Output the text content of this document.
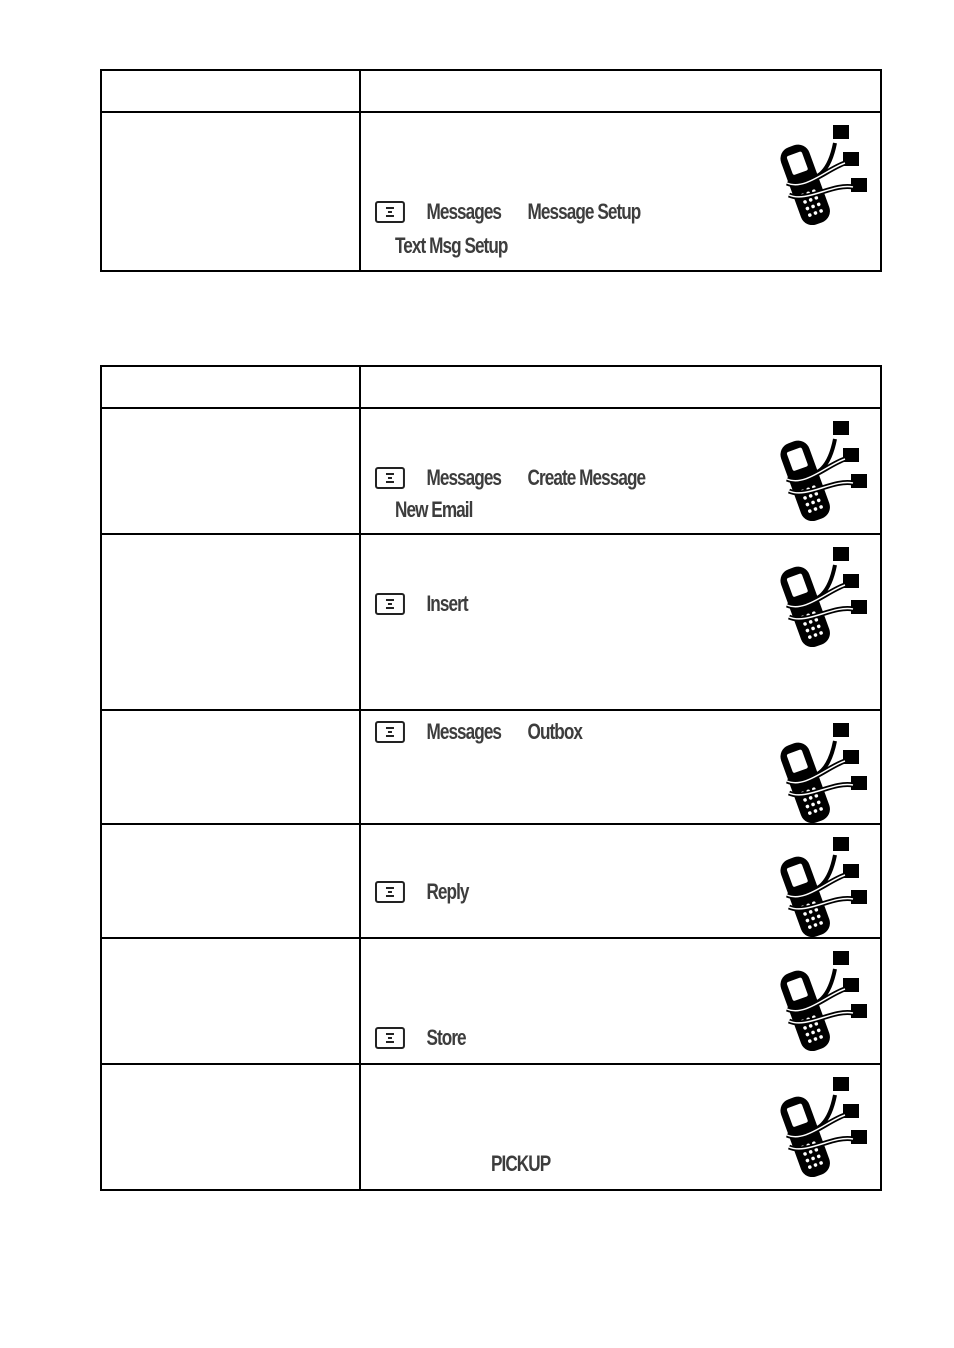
Messages Message Setup
Text Msg Setup
Messages Create Message
New Email
Insert
Messages Outbox
Reply
Store
PICKUP
